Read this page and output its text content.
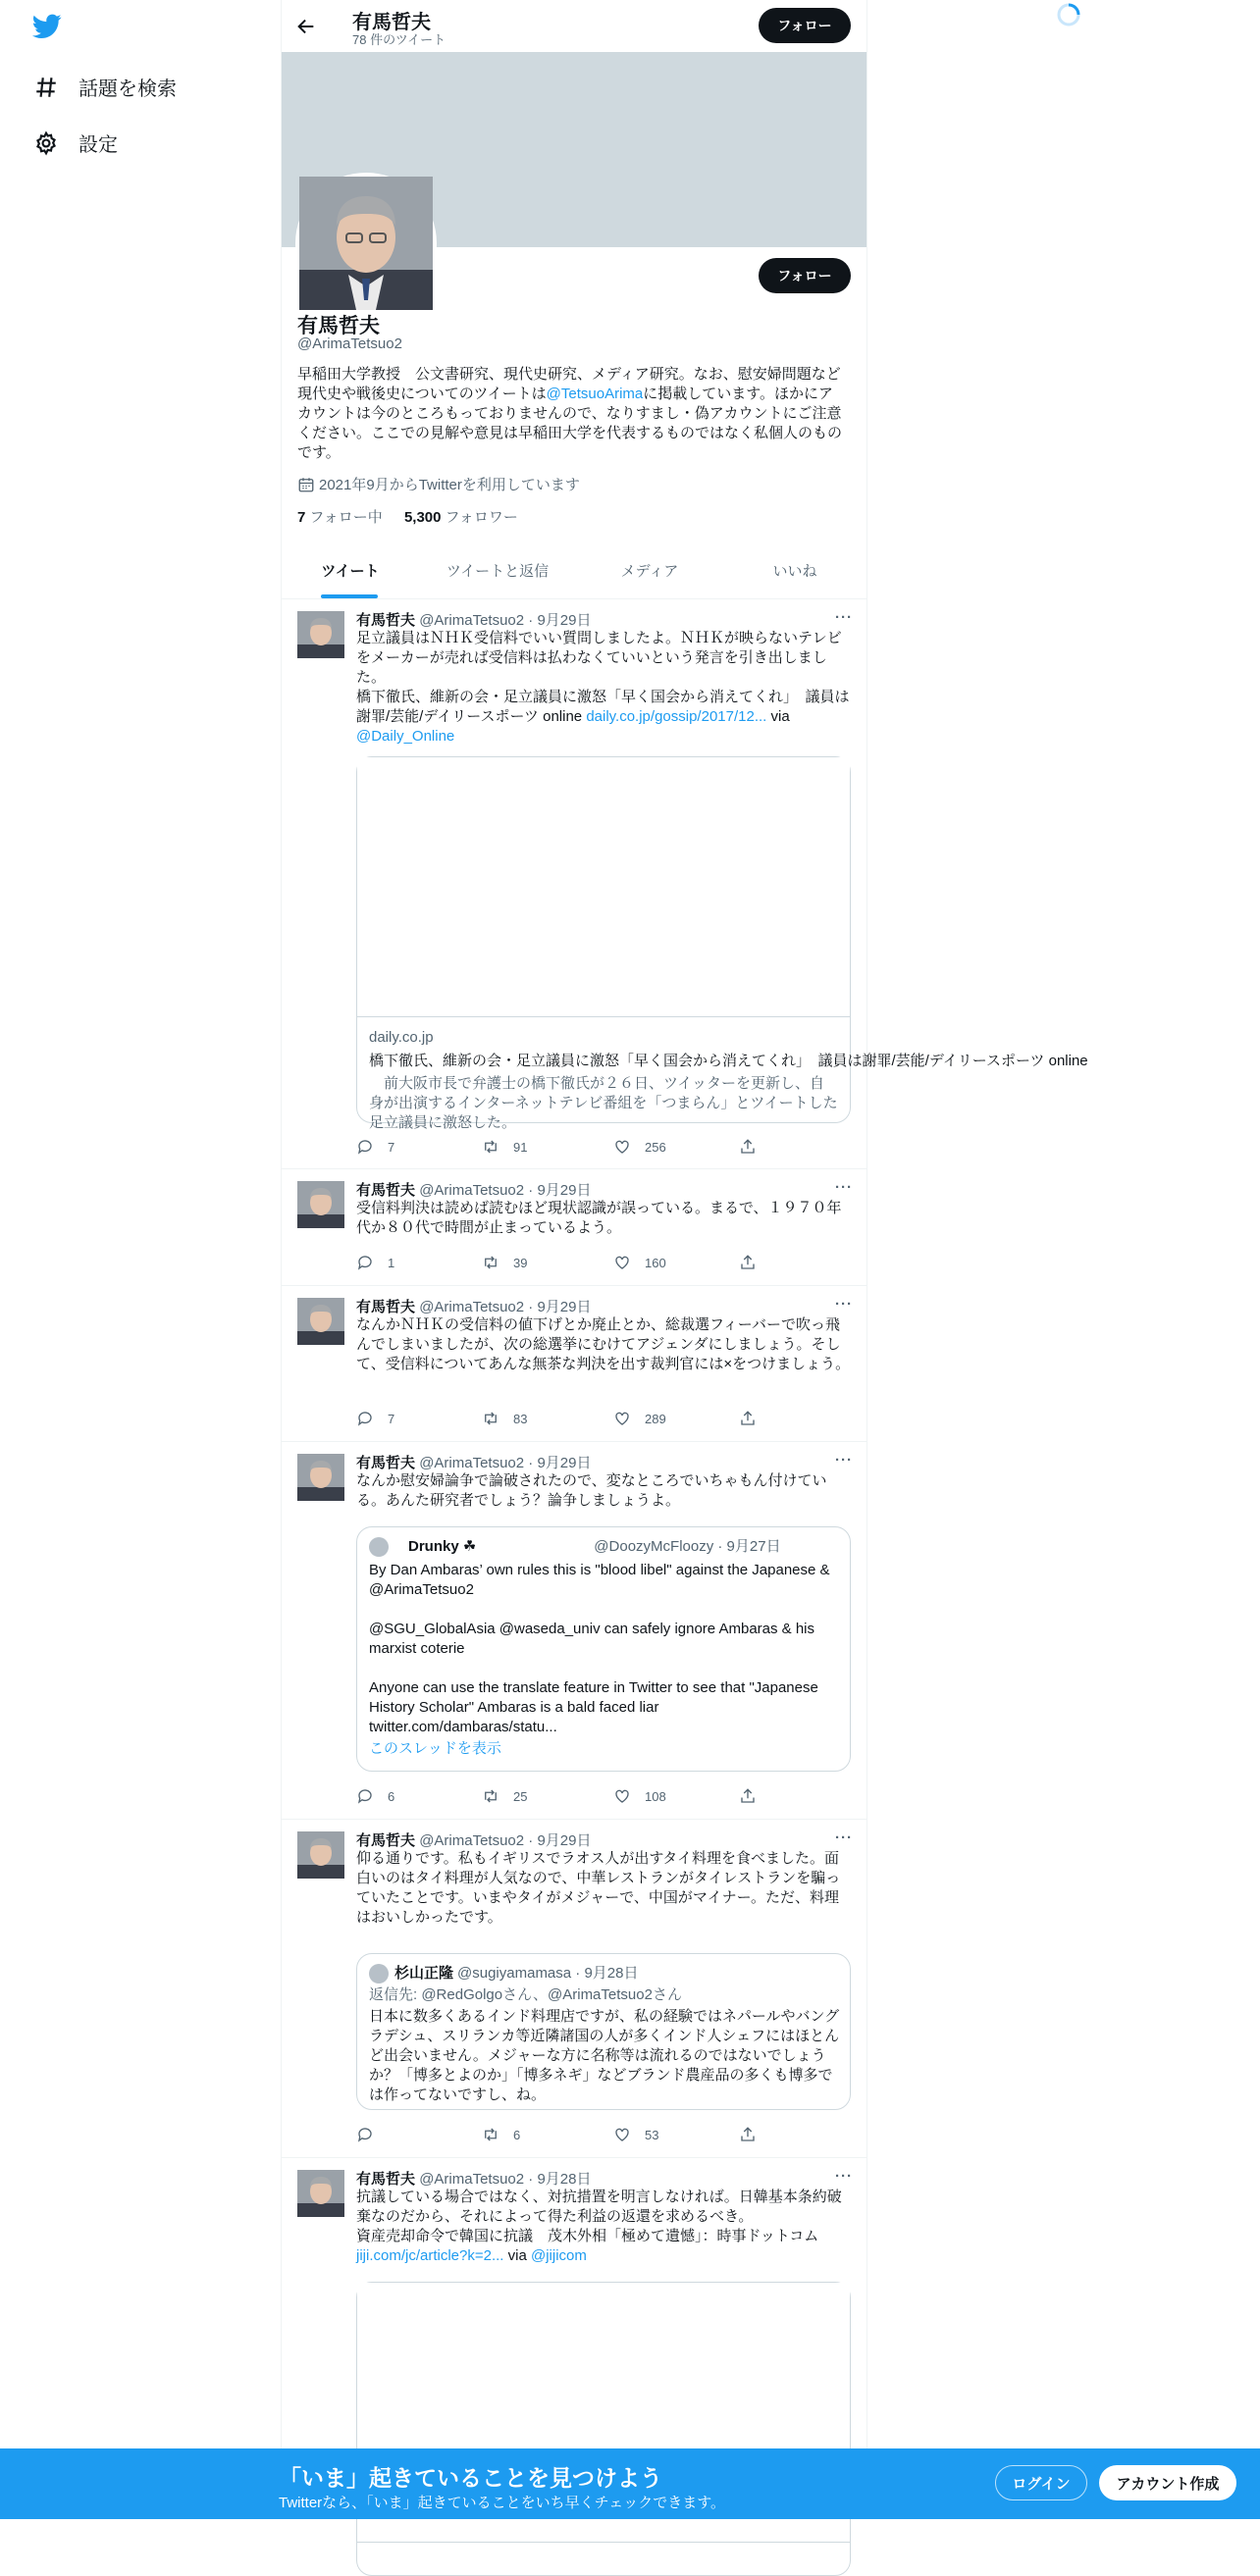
話題を検索
設定
有馬哲夫
78 件のツイート
フォロー
フォロー
有馬哲夫
@ArimaTetsuo2
早稲田大学教授　公文書研究、現代史研究、メディア研究。なお、慰安婦問題など現代史や戦後史についてのツイートは@TetsuoArimaに掲載しています。ほかにアカウントは今のところもっておりませんので、なりすまし・偽アカウントにご注意ください。ここでの見解や意見は早稲田大学を代表するものではなく私個人のものです。
2021年9月からTwitterを利用しています
7 フォロー中 5,300 フォロワー
ツイート	ツイートと返信	メディア	いいね
有馬哲夫 @ArimaTetsuo2 · 9月29日	···
足立議員はＮＨＫ受信料でいい質問しましたよ。ＮＨＫが映らないテレビをメーカーが売れば受信料は払わなくていいという発言を引き出しました。
橋下徹氏、維新の会・足立議員に激怒「早く国会から消えてくれ」　議員は謝罪/芸能/デイリースポーツ online daily.co.jp/gossip/2017/12... via @Daily_Online
daily.co.jp
橋下徹氏、維新の会・足立議員に激怒「早く国会から消えてくれ」　議員は謝罪/芸能/デイリースポーツ online
　前大阪市長で弁護士の橋下徹氏が２６日、ツイッターを更新し、自身が出演するインターネットテレビ番組を「つまらん」とツイートした足立議員に激怒した。
7	91	256
有馬哲夫 @ArimaTetsuo2 · 9月29日	···
受信料判決は読めば読むほど現状認識が誤っている。まるで、１９７０年代か８０代で時間が止まっているよう。
1	39	160
有馬哲夫 @ArimaTetsuo2 · 9月29日	···
なんかＮＨＫの受信料の値下げとか廃止とか、総裁選フィーバーで吹っ飛んでしまいましたが、次の総選挙にむけてアジェンダにしましょう。そして、受信料についてあんな無茶な判決を出す裁判官には×をつけましょう。
7	83	289
有馬哲夫 @ArimaTetsuo2 · 9月29日	···
なんか慰安婦論争で論破されたので、変なところでいちゃもん付けている。あんた研究者でしょう？論争しましょうよ。
Drunky ☘	@DoozyMcFloozy · 9月27日
By Dan Ambaras’ own rules this is "blood libel" against the Japanese & @ArimaTetsuo2
@SGU_GlobalAsia @waseda_univ can safely ignore Ambaras & his marxist coterie
Anyone can use the translate feature in Twitter to see that "Japanese History Scholar" Ambaras is a bald faced liar twitter.com/dambaras/statu...
このスレッドを表示
6	25	108
有馬哲夫 @ArimaTetsuo2 · 9月29日	···
仰る通りです。私もイギリスでラオス人が出すタイ料理を食べました。面白いのはタイ料理が人気なので、中華レストランがタイレストランを騙っていたことです。いまやタイがメジャーで、中国がマイナー。ただ、料理はおいしかったです。
杉山正隆 @sugiyamamasa · 9月28日
返信先: @RedGolgoさん、@ArimaTetsuo2さん
日本に数多くあるインド料理店ですが、私の経験ではネパールやバングラデシュ、スリランカ等近隣諸国の人が多くインド人シェフにはほとんど出会いません。メジャーな方に名称等は流れるのではないでしょうか？「博多とよのか」「博多ネギ」などブランド農産品の多くも博多では作ってないですし、ね。
6	53
有馬哲夫 @ArimaTetsuo2 · 9月28日	···
抗議している場合ではなく、対抗措置を明言しなければ。日韓基本条約破棄なのだから、それによって得た利益の返還を求めるべき。
資産売却命令で韓国に抗議　茂木外相「極めて遺憾」：時事ドットコム
jiji.com/jc/article?k=2... via @jijicom
「いま」起きていることを見つけよう
Twitterなら、「いま」起きていることをいち早くチェックできます。
ログイン	アカウント作成
